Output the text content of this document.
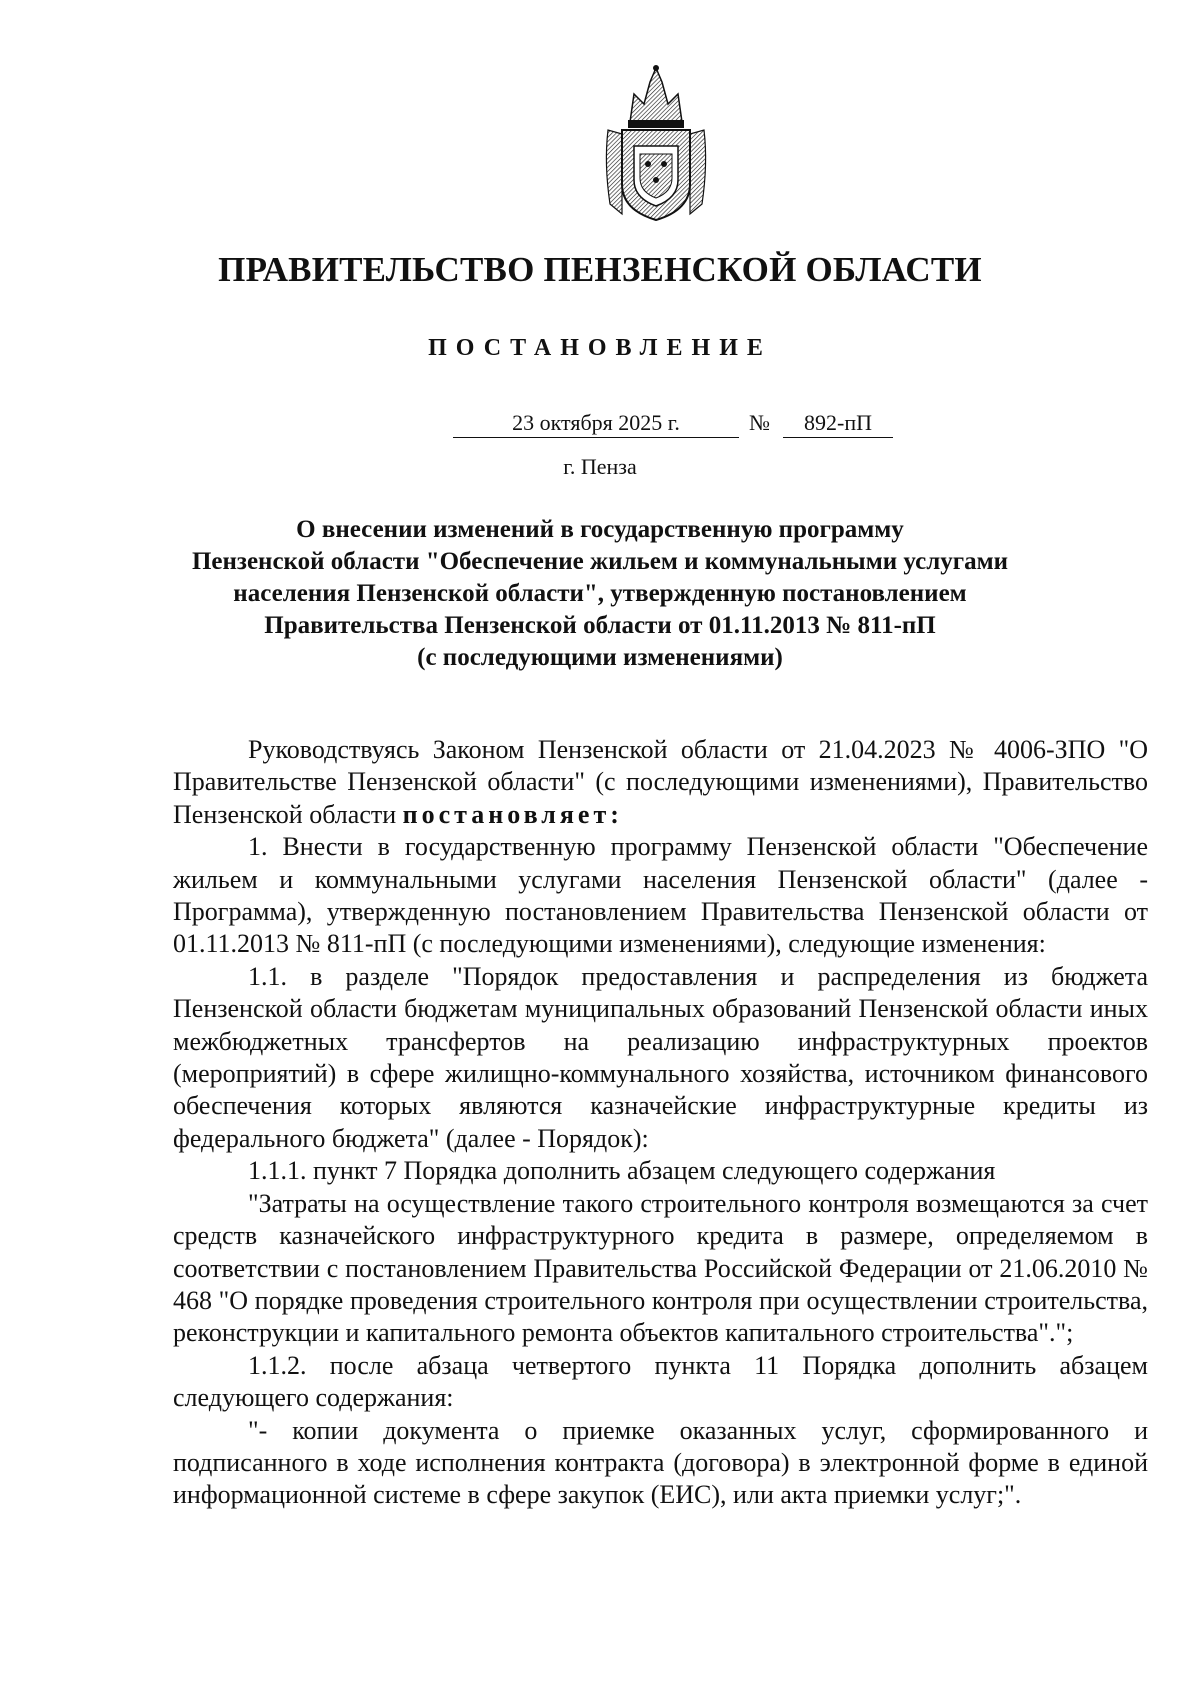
ПРАВИТЕЛЬСТВО ПЕНЗЕНСКОЙ ОБЛАСТИ
ПОСТАНОВЛЕНИЕ
23 октября 2025 г.	№	892-пП
г. Пенза
О внесении изменений в государственную программу
Пензенской области "Обеспечение жильем и коммунальными услугами
населения Пензенской области", утвержденную постановлением
Правительства Пензенской области от 01.11.2013 № 811-пП
(с последующими изменениями)

Руководствуясь Законом Пензенской области от 21.04.2023 № 4006-ЗПО "О Правительстве Пензенской области" (с последующими изменениями), Правительство Пензенской области постановляет:

1. Внести в государственную программу Пензенской области "Обеспечение жильем и коммунальными услугами населения Пензенской области" (далее - Программа), утвержденную постановлением Правительства Пензенской области от 01.11.2013 № 811-пП (с последующими изменениями), следующие изменения:

1.1. в разделе "Порядок предоставления и распределения из бюджета Пензенской области бюджетам муниципальных образований Пензенской области иных межбюджетных трансфертов на реализацию инфраструктурных проектов (мероприятий) в сфере жилищно-коммунального хозяйства, источником финансового обеспечения которых являются казначейские инфраструктурные кредиты из федерального бюджета" (далее - Порядок):

1.1.1. пункт 7 Порядка дополнить абзацем следующего содержания

"Затраты на осуществление такого строительного контроля возмещаются за счет средств казначейского инфраструктурного кредита в размере, определяемом в соответствии с постановлением Правительства Российской Федерации от 21.06.2010 № 468 "О порядке проведения строительного контроля при осуществлении строительства, реконструкции и капитального ремонта объектов капитального строительства".";

1.1.2. после абзаца четвертого пункта 11 Порядка дополнить абзацем следующего содержания:

"- копии документа о приемке оказанных услуг, сформированного и подписанного в ходе исполнения контракта (договора) в электронной форме в единой информационной системе в сфере закупок (ЕИС), или акта приемки услуг;".
